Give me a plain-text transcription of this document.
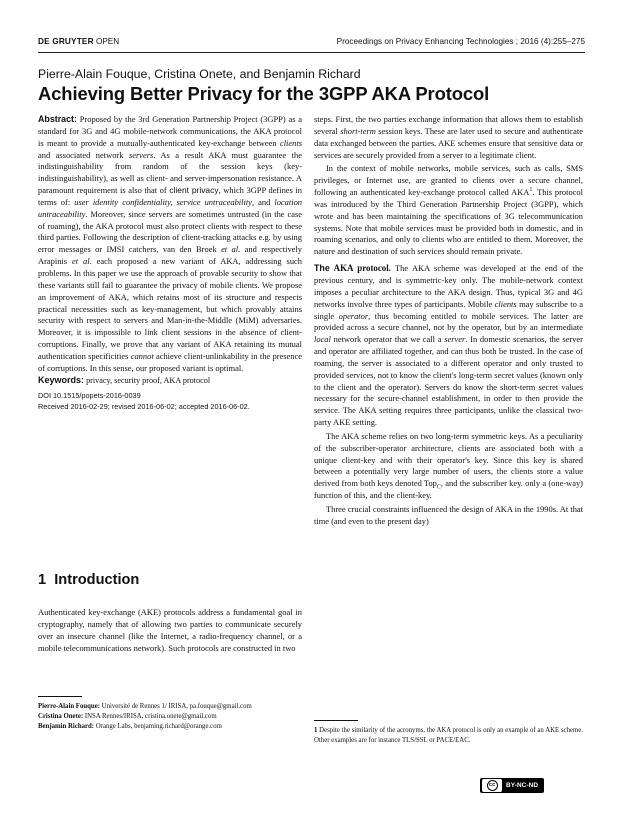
DE GRUYTER OPEN	Proceedings on Privacy Enhancing Technologies ; 2016 (4):255–275
Pierre-Alain Fouque, Cristina Onete, and Benjamin Richard
Achieving Better Privacy for the 3GPP AKA Protocol

Abstract: Proposed by the 3rd Generation Partnership Project (3GPP) as a standard for 3G and 4G mobile-network communications, the AKA protocol is meant to provide a mutually-authenticated key-exchange between clients and associated network servers. As a result AKA must guarantee the indistinguishability from random of the session keys (key-indistinguishability), as well as client- and server-impersonation resistance. A paramount requirement is also that of client privacy, which 3GPP defines in terms of: user identity confidentiality, service untraceability, and location untraceability. Moreover, since servers are sometimes untrusted (in the case of roaming), the AKA protocol must also protect clients with respect to these third parties. Following the description of client-tracking attacks e.g. by using error messages or IMSI catchers, van den Broek et al. and respectively Arapinis et al. each proposed a new variant of AKA, addressing such problems. In this paper we use the approach of provable security to show that these variants still fail to guarantee the privacy of mobile clients. We propose an improvement of AKA, which retains most of its structure and respects practical necessities such as key-management, but which provably attains security with respect to servers and Man-in-the-Middle (MiM) adversaries. Moreover, it is impossible to link client sessions in the absence of client-corruptions. Finally, we prove that any variant of AKA retaining its mutual authentication specificities cannot achieve client-unlinkability in the presence of corruptions. In this sense, our proposed variant is optimal.

Keywords: privacy, security proof, AKA protocol

DOI 10.1515/popets-2016-0039
Received 2016-02-29; revised 2016-06-02; accepted 2016-06-02.
1 Introduction
Authenticated key-exchange (AKE) protocols address a fundamental goal in cryptography, namely that of allowing two parties to communicate securely over an insecure channel (like the Internet, a radio-frequency channel, or a mobile telecommunications network). Such protocols are constructed in two

steps. First, the two parties exchange information that allows them to establish several short-term session keys. These are later used to secure and authenticate data exchanged between the parties. AKE schemes ensure that sensitive data or services are securely provided from a server to a legitimate client.

In the context of mobile networks, mobile services, such as calls, SMS privileges, or Internet use, are granted to clients over a secure channel, following an authenticated key-exchange protocol called AKA$^1$. This protocol was introduced by the Third Generation Partnership Project (3GPP), which wrote and has been maintaining the specifications of 3G telecommunication systems. Note that mobile services must be provided both in domestic, and in roaming scenarios, and only to clients who are entitled to them. Moreover, the nature and destination of such services should remain private.

The AKA protocol. The AKA scheme was developed at the end of the previous century, and is symmetric-key only. The mobile-network context imposes a peculiar architecture to the AKA design. Thus, typical 3G and 4G networks involve three types of participants. Mobile clients may subscribe to a single operator, thus becoming entitled to mobile services. The latter are provided across a secure channel, not by the operator, but by an intermediate local network operator that we call a server. In domestic scenarios, the server and operator are affiliated together, and can thus both be trusted. In the case of roaming, the server is associated to a different operator and only trusted to provided services, not to know the client's long-term secret values (known only to the client and the operator). Servers do know the short-term secret values necessary for the secure-channel establishment, in order to then provide the service. The AKA setting requires three participants, unlike the classical two-party AKE setting.

The AKA scheme relies on two long-term symmetric keys. As a peculiarity of the subscriber-operator architecture, clients are associated both with a unique client-key and with their operator's key. Since this key is shared between a potentially very large number of users, the clients store a value derived from both keys denoted Top$_C$, and the subscriber key. only a (one-way) function of this, and the client-key.

Three crucial constraints influenced the design of AKA in the 1990s. At that time (and even to the present day)

Pierre-Alain Fouque: Université de Rennes 1/ IRISA, pa.fouque@gmail.com
Cristina Onete: INSA Rennes/IRISA, cristina.onete@gmail.com
Benjamin Richard: Orange Labs, benjaming.richard@orange.com
1 Despite the similarity of the acronyms, the AKA protocol is only an example of an AKE scheme. Other examples are for instance TLS/SSL or PACE/EAC.
cc	BY-NC-ND
